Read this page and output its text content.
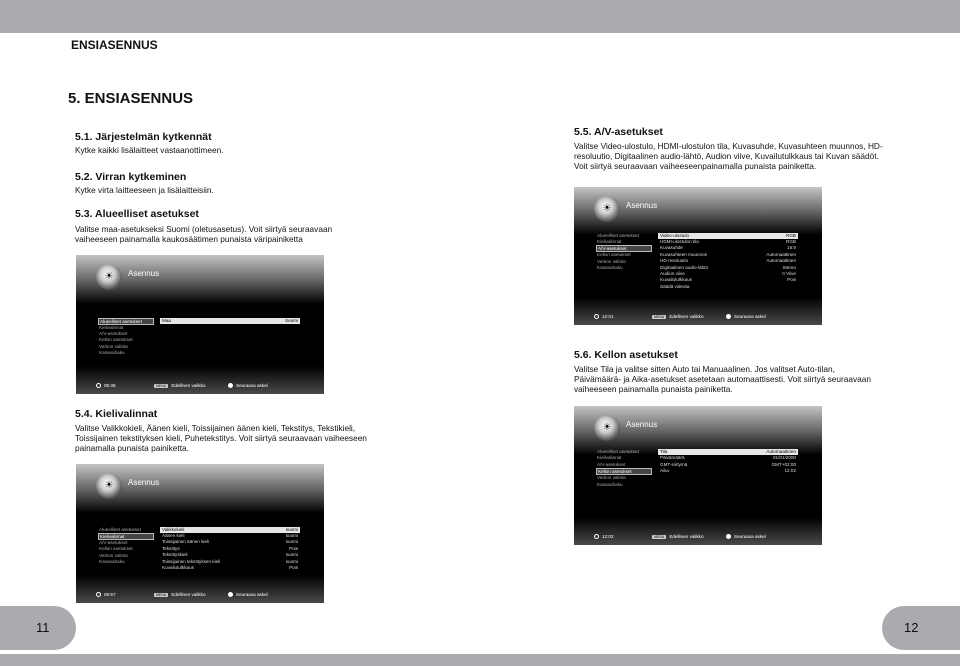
ENSIASENNUS
5. ENSIASENNUS
5.1. Järjestelmän kytkennät
Kytke kaikki lisälaitteet vastaanottimeen.
5.2. Virran kytkeminen
Kytke virta laitteeseen ja lisälaitteisiin.
5.3. Alueelliset asetukset
Valitse maa-asetukseksi Suomi (oletusasetus). Voit siirtyä seuraavaan vaiheeseen painamalla kaukosäätimen punaista väripainiketta
☀	Asennus
Alueelliset asetukset
Kielivalinnat
A/V-asetukset
Kellon asetukset
Verkon valinta
Kanavahaku
Maa	Suomi
05:38	MENU	Edellinen valikko	Seuraava askel
5.4. Kielivalinnat
Valitse Valikkokieli, Äänen kieli, Toissijainen äänen kieli, Tekstitys, Tekstikieli, Toissijainen tekstityksen kieli, Puhetekstitys. Voit siirtyä seuraavaan vaiheeseen painamalla punaista painiketta.
☀	Asennus
Alueelliset asetukset
Kielivalinnat
A/V-asetukset
Kellon asetukset
Verkon valinta
Kanavahaku
Valikkokieli	suomi
Äänen kieli	suomi
Toissijainen äänen kieli	suomi
Tekstitys	Pois
Tekstityskieli	suomi
Toissijainen tekstityksen kieli	suomi
Kuvailutulkkaus	Pois
05:57	MENU	Edellinen valikko	Seuraava askel
5.5. A/V-asetukset
Valitse Video-ulostulo, HDMI-ulostulon tila, Kuvasuhde, Kuvasuhteen muunnos, HD-resoluutio, Digitaalinen audio-lähtö, Audion viive, Kuvailutulkkaus tai Kuvan säädöt. Voit siirtyä seuraavaan vaiheeseenpainamalla punaista painiketta.
☀	Asennus
Alueelliset asetukset
Kielivalinnat
A/V-asetukset
Kellon asetukset
Verkon valinta
Kanavahaku
Video-ulostulo	RGB
HDMI-ulostulon tila	RGB
Kuvasuhde	16:9
Kuvasuhteen muunnos	Automaattinen
HD-resoluutio	Automaattinen
Digitaalinen audio-lähtö	Stereo
Audion viive	0 Viive
Kuvailutulkkaus	Pois
Säädä videota
12:01	MENU	Edellinen valikko	Seuraava askel
5.6. Kellon asetukset
Valitse Tila ja valitse sitten Auto tai Manuaalinen. Jos valitset Auto-tilan, Päivämäärä- ja Aika-asetukset asetetaan automaattisesti. Voit siirtyä seuraavaan vaiheeseen painamalla punaista painiketta.
☀	Asennus
Alueelliset asetukset
Kielivalinnat
A/V-asetukset
Kellon asetukset
Verkon valinta
Kanavahaku
Tila	Automaattinen
Päivämäärä	01/01/2000
GMT-siirtymä	GMT+02:00
Aika	12:02
12:02	MENU	Edellinen valikko	Seuraava askel
11	12
